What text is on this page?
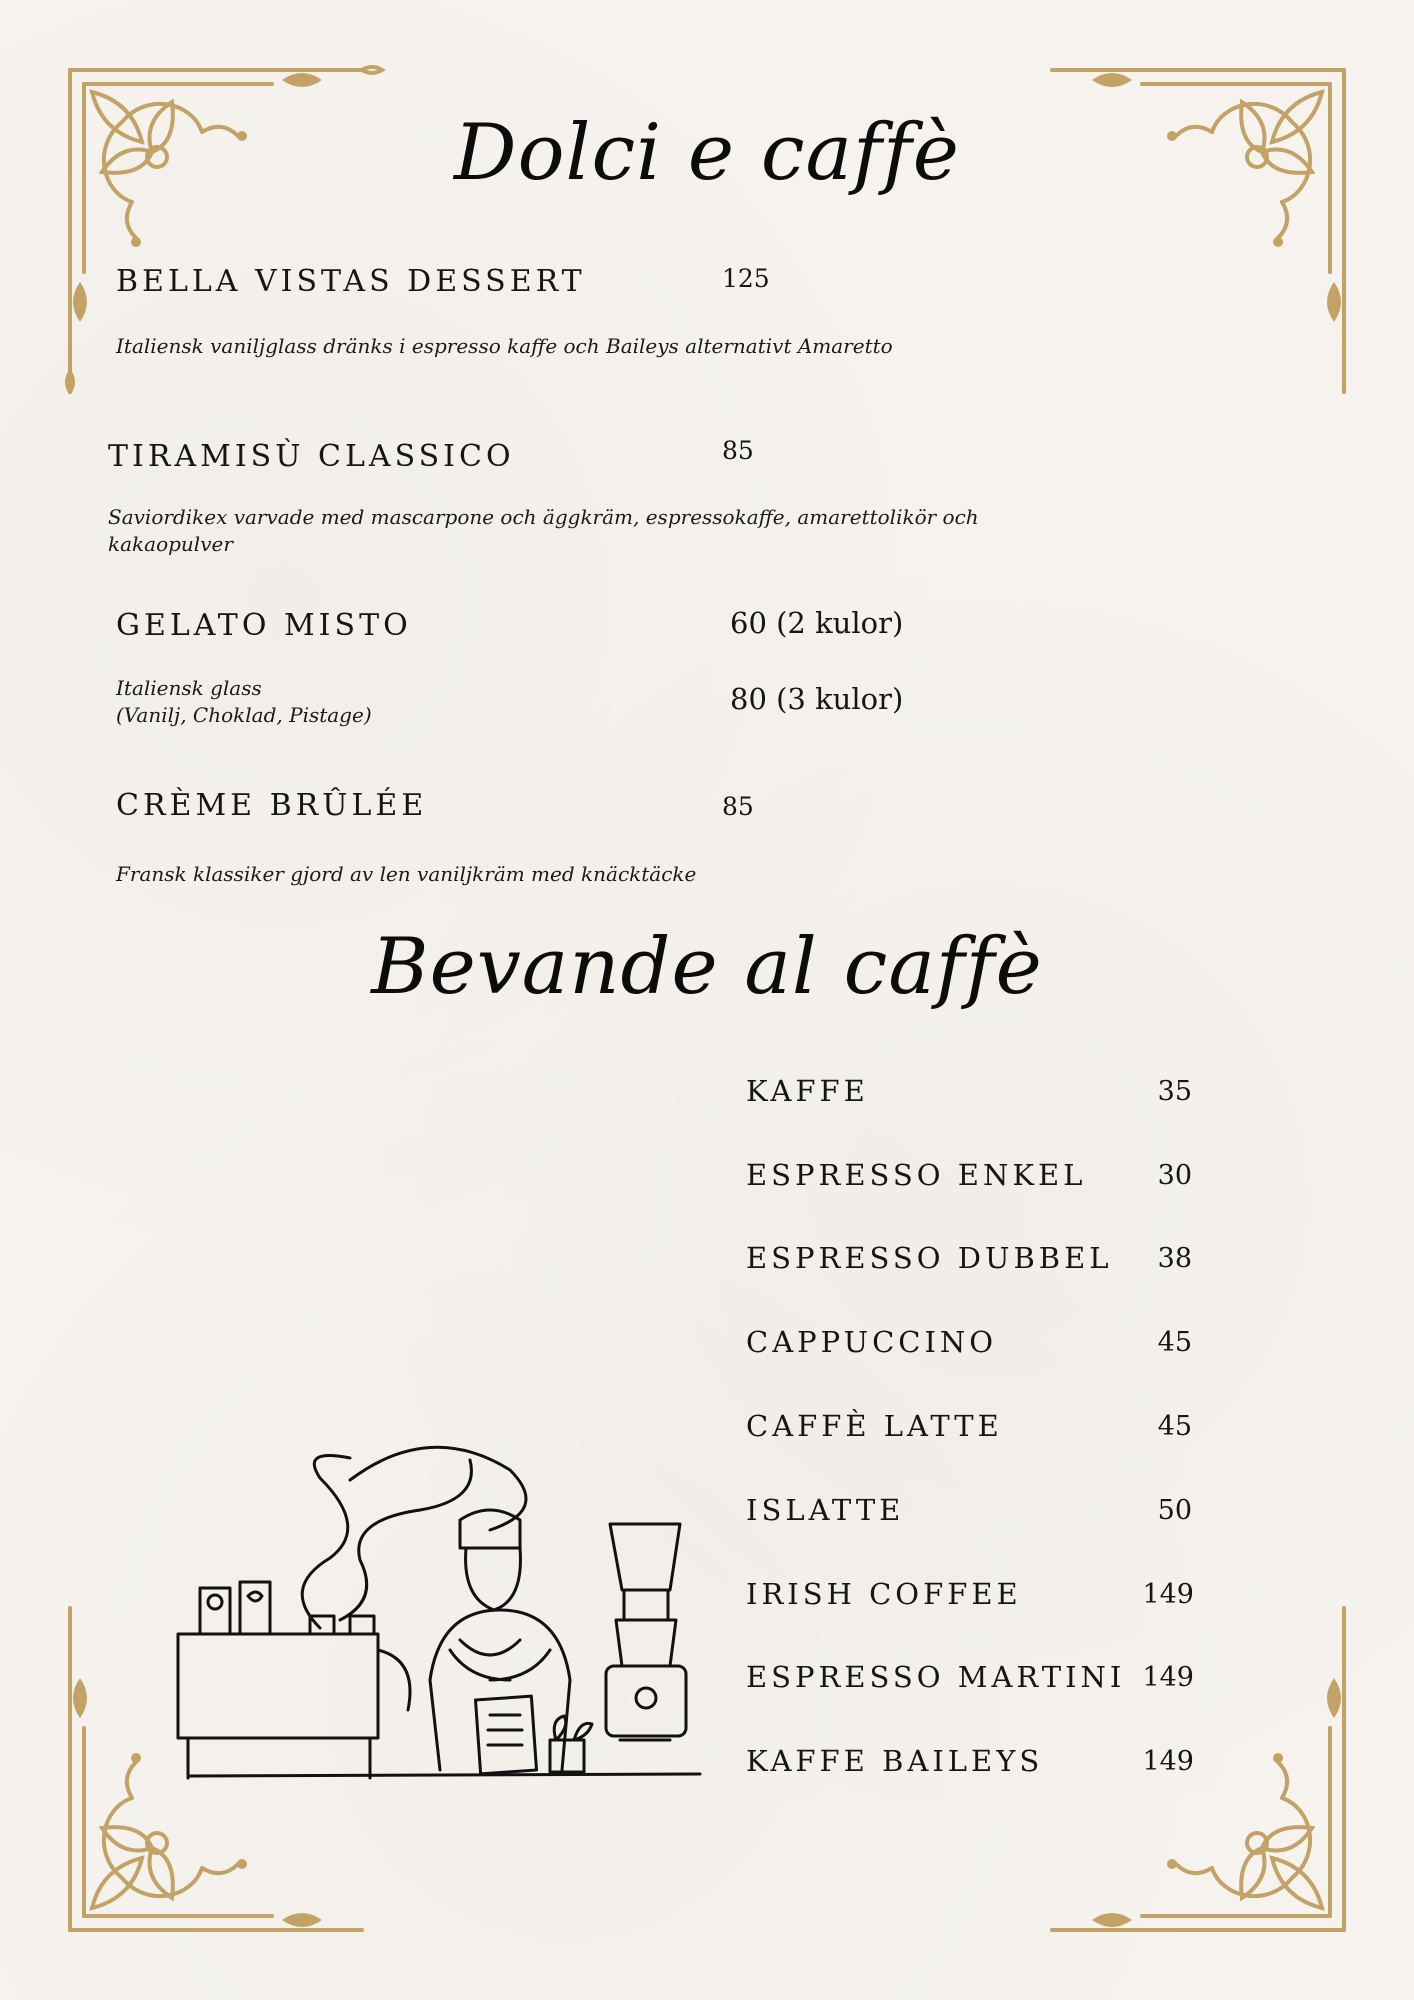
Dolci e caffè
BELLA VISTAS DESSERT	125
Italiensk vaniljglass dränks i espresso kaffe och Baileys alternativt Amaretto
TIRAMISÙ CLASSICO	85
Saviordikex varvade med mascarpone och äggkräm, espressokaffe, amarettolikör och
kakaopulver
GELATO MISTO	60 (2 kulor)
Italiensk glass
(Vanilj, Choklad, Pistage)	80 (3 kulor)
CRÈME BRÛLÉE	85
Fransk klassiker gjord av len vaniljkräm med knäcktäcke
Bevande al caffè
KAFFE	35
ESPRESSO ENKEL	30
ESPRESSO DUBBEL 38
CAPPUCCINO	45
CAFFÈ LATTE	45
ISLATTE	50
IRISH COFFEE	149
ESPRESSO MARTINI 149
KAFFE BAILEYS	149
